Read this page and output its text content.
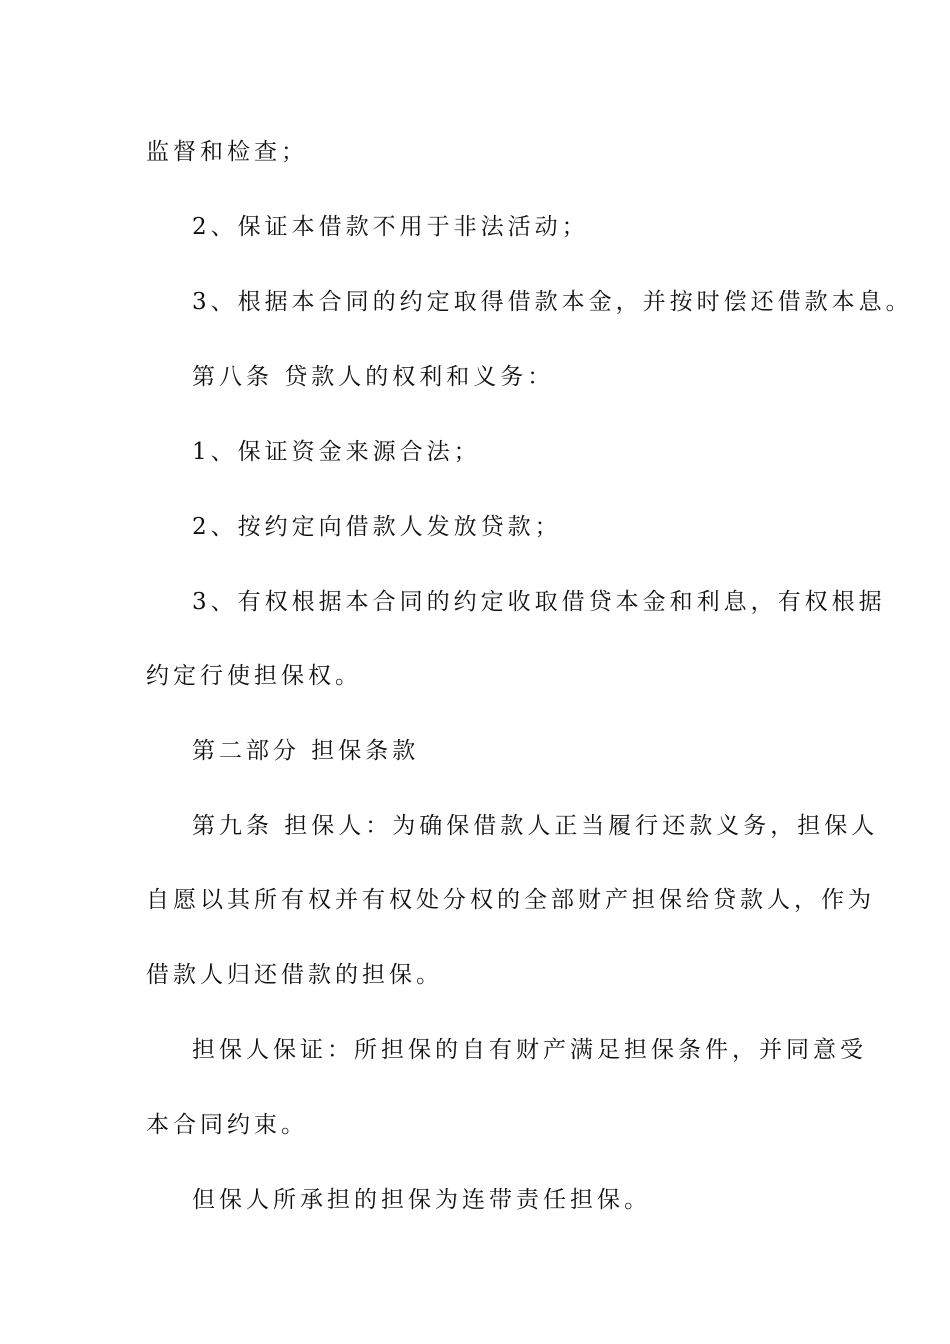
监督和检查；
2、保证本借款不用于非法活动；
3、根据本合同的约定取得借款本金，并按时偿还借款本息。
第八条 贷款人的权利和义务：
1、保证资金来源合法；
2、按约定向借款人发放贷款；
3、有权根据本合同的约定收取借贷本金和利息，有权根据
约定行使担保权。
第二部分 担保条款
第九条 担保人：为确保借款人正当履行还款义务，担保人
自愿以其所有权并有权处分权的全部财产担保给贷款人，作为
借款人归还借款的担保。
担保人保证：所担保的自有财产满足担保条件，并同意受
本合同约束。
但保人所承担的担保为连带责任担保。
